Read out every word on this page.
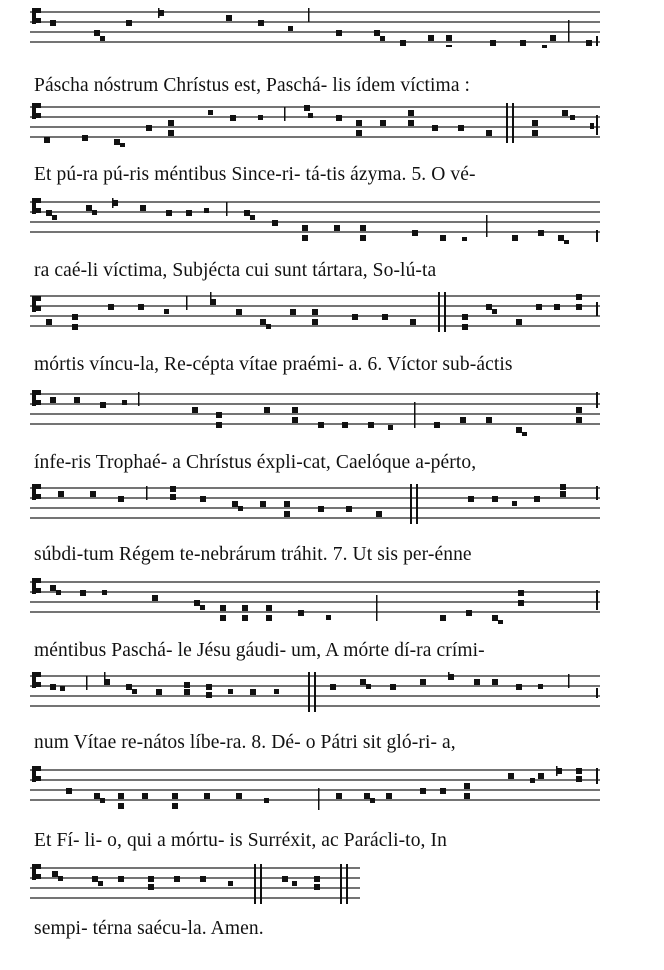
Páscha nóstrum Chrístus est, Paschá- lis ídem víctima :
Et pú-ra pú-ris méntibus Since-ri- tá-tis ázyma. 5. O vé-
ra caé-li víctima, Subjécta cui sunt tártara, So-lú-ta
mórtis víncu-la, Re-cépta vítae praémi- a. 6. Víctor sub-áctis
ínfe-ris Trophaé- a Chrístus éxpli-cat, Caelóque a-pérto,
súbdi-tum Régem te-nebrárum tráhit. 7. Ut sis per-énne
méntibus Paschá- le Jésu gáudi- um, A mórte dí-ra crími-
num Vítae re-nátos líbe-ra. 8. Dé- o Pátri sit gló-ri- a,
Et Fí- li- o, qui a mórtu- is Surréxit, ac Parácli-to, In
sempi- térna saécu-la. Amen.
